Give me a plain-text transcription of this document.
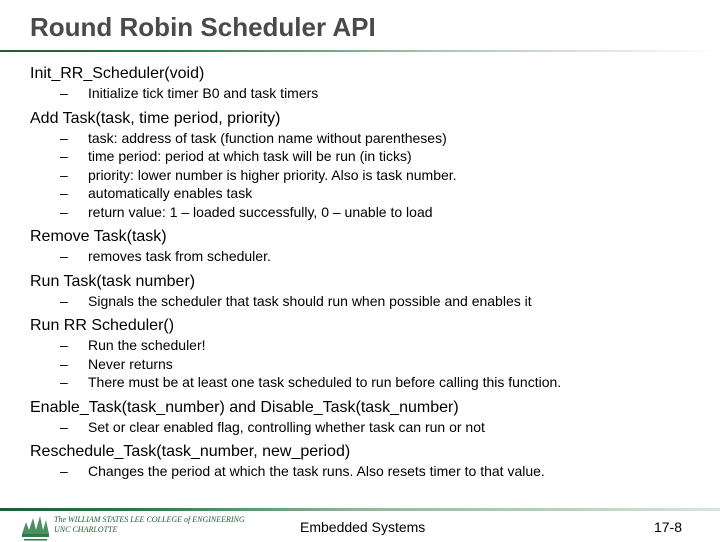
Round Robin Scheduler API
Init_RR_Scheduler(void)
– Initialize tick timer B0 and task timers
Add Task(task, time period, priority)
– task: address of task (function name without parentheses)
– time period: period at which task will be run (in ticks)
– priority: lower number is higher priority. Also is task number.
– automatically enables task
– return value: 1 – loaded successfully, 0 – unable to load
Remove Task(task)
– removes task from scheduler.
Run Task(task number)
– Signals the scheduler that task should run when possible and enables it
Run RR Scheduler()
– Run the scheduler!
– Never returns
– There must be at least one task scheduled to run before calling this function.
Enable_Task(task_number) and Disable_Task(task_number)
– Set or clear enabled flag, controlling whether task can run or not
Reschedule_Task(task_number, new_period)
– Changes the period at which the task runs. Also resets timer to that value.
The WILLIAM STATES LEE COLLEGE of ENGINEERING
UNC CHARLOTTE	Embedded Systems	17-8
